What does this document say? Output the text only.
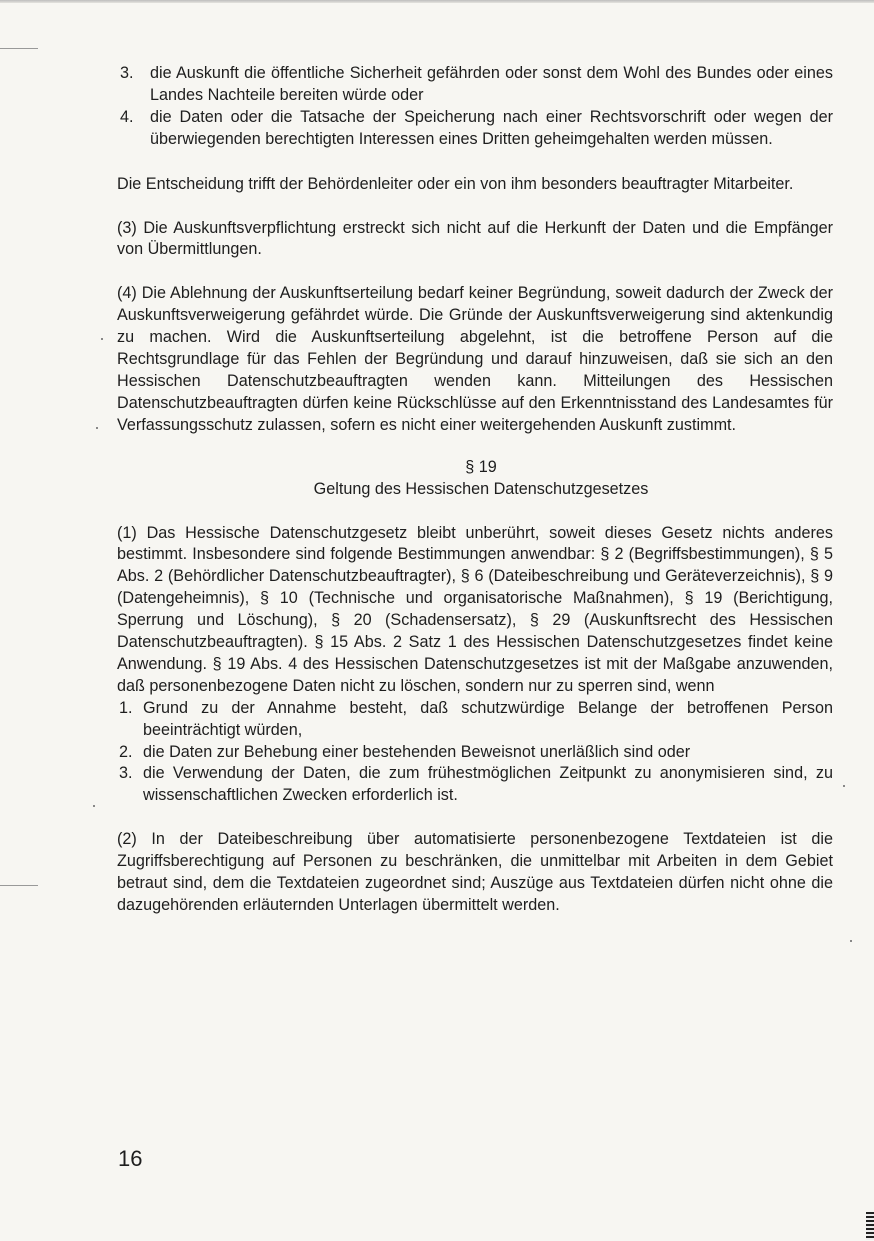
3. die Auskunft die öffentliche Sicherheit gefährden oder sonst dem Wohl des Bundes oder eines Landes Nachteile bereiten würde oder

4. die Daten oder die Tatsache der Speicherung nach einer Rechtsvorschrift oder wegen der überwiegenden berechtigten Interessen eines Dritten geheimgehalten werden müssen.

Die Entscheidung trifft der Behördenleiter oder ein von ihm besonders beauftragter Mitarbeiter.

(3) Die Auskunftsverpflichtung erstreckt sich nicht auf die Herkunft der Daten und die Empfänger von Übermittlungen.

(4) Die Ablehnung der Auskunftserteilung bedarf keiner Begründung, soweit dadurch der Zweck der Auskunftsverweigerung gefährdet würde. Die Gründe der Auskunftsverweigerung sind aktenkundig zu machen. Wird die Auskunftserteilung abgelehnt, ist die betroffene Person auf die Rechtsgrundlage für das Fehlen der Begründung und darauf hinzuweisen, daß sie sich an den Hessischen Datenschutzbeauftragten wenden kann. Mitteilungen des Hessischen Datenschutzbeauftragten dürfen keine Rückschlüsse auf den Erkenntnisstand des Landesamtes für Verfassungsschutz zulassen, sofern es nicht einer weitergehenden Auskunft zustimmt.

§ 19
Geltung des Hessischen Datenschutzgesetzes

(1) Das Hessische Datenschutzgesetz bleibt unberührt, soweit dieses Gesetz nichts anderes bestimmt. Insbesondere sind folgende Bestimmungen anwendbar: § 2 (Begriffsbestimmungen), § 5 Abs. 2 (Behördlicher Datenschutzbeauftragter), § 6 (Dateibeschreibung und Geräteverzeichnis), § 9 (Datengeheimnis), § 10 (Technische und organisatorische Maßnahmen), § 19 (Berichtigung, Sperrung und Löschung), § 20 (Schadensersatz), § 29 (Auskunftsrecht des Hessischen Datenschutzbeauftragten). § 15 Abs. 2 Satz 1 des Hessischen Datenschutzgesetzes findet keine Anwendung. § 19 Abs. 4 des Hessischen Datenschutzgesetzes ist mit der Maßgabe anzuwenden, daß personenbezogene Daten nicht zu löschen, sondern nur zu sperren sind, wenn

1. Grund zu der Annahme besteht, daß schutzwürdige Belange der betroffenen Person beeinträchtigt würden,

2. die Daten zur Behebung einer bestehenden Beweisnot unerläßlich sind oder

3. die Verwendung der Daten, die zum frühestmöglichen Zeitpunkt zu anonymisieren sind, zu wissenschaftlichen Zwecken erforderlich ist.

(2) In der Dateibeschreibung über automatisierte personenbezogene Textdateien ist die Zugriffsberechtigung auf Personen zu beschränken, die unmittelbar mit Arbeiten in dem Gebiet betraut sind, dem die Textdateien zugeordnet sind; Auszüge aus Textdateien dürfen nicht ohne die dazugehörenden erläuternden Unterlagen übermittelt werden.

16
